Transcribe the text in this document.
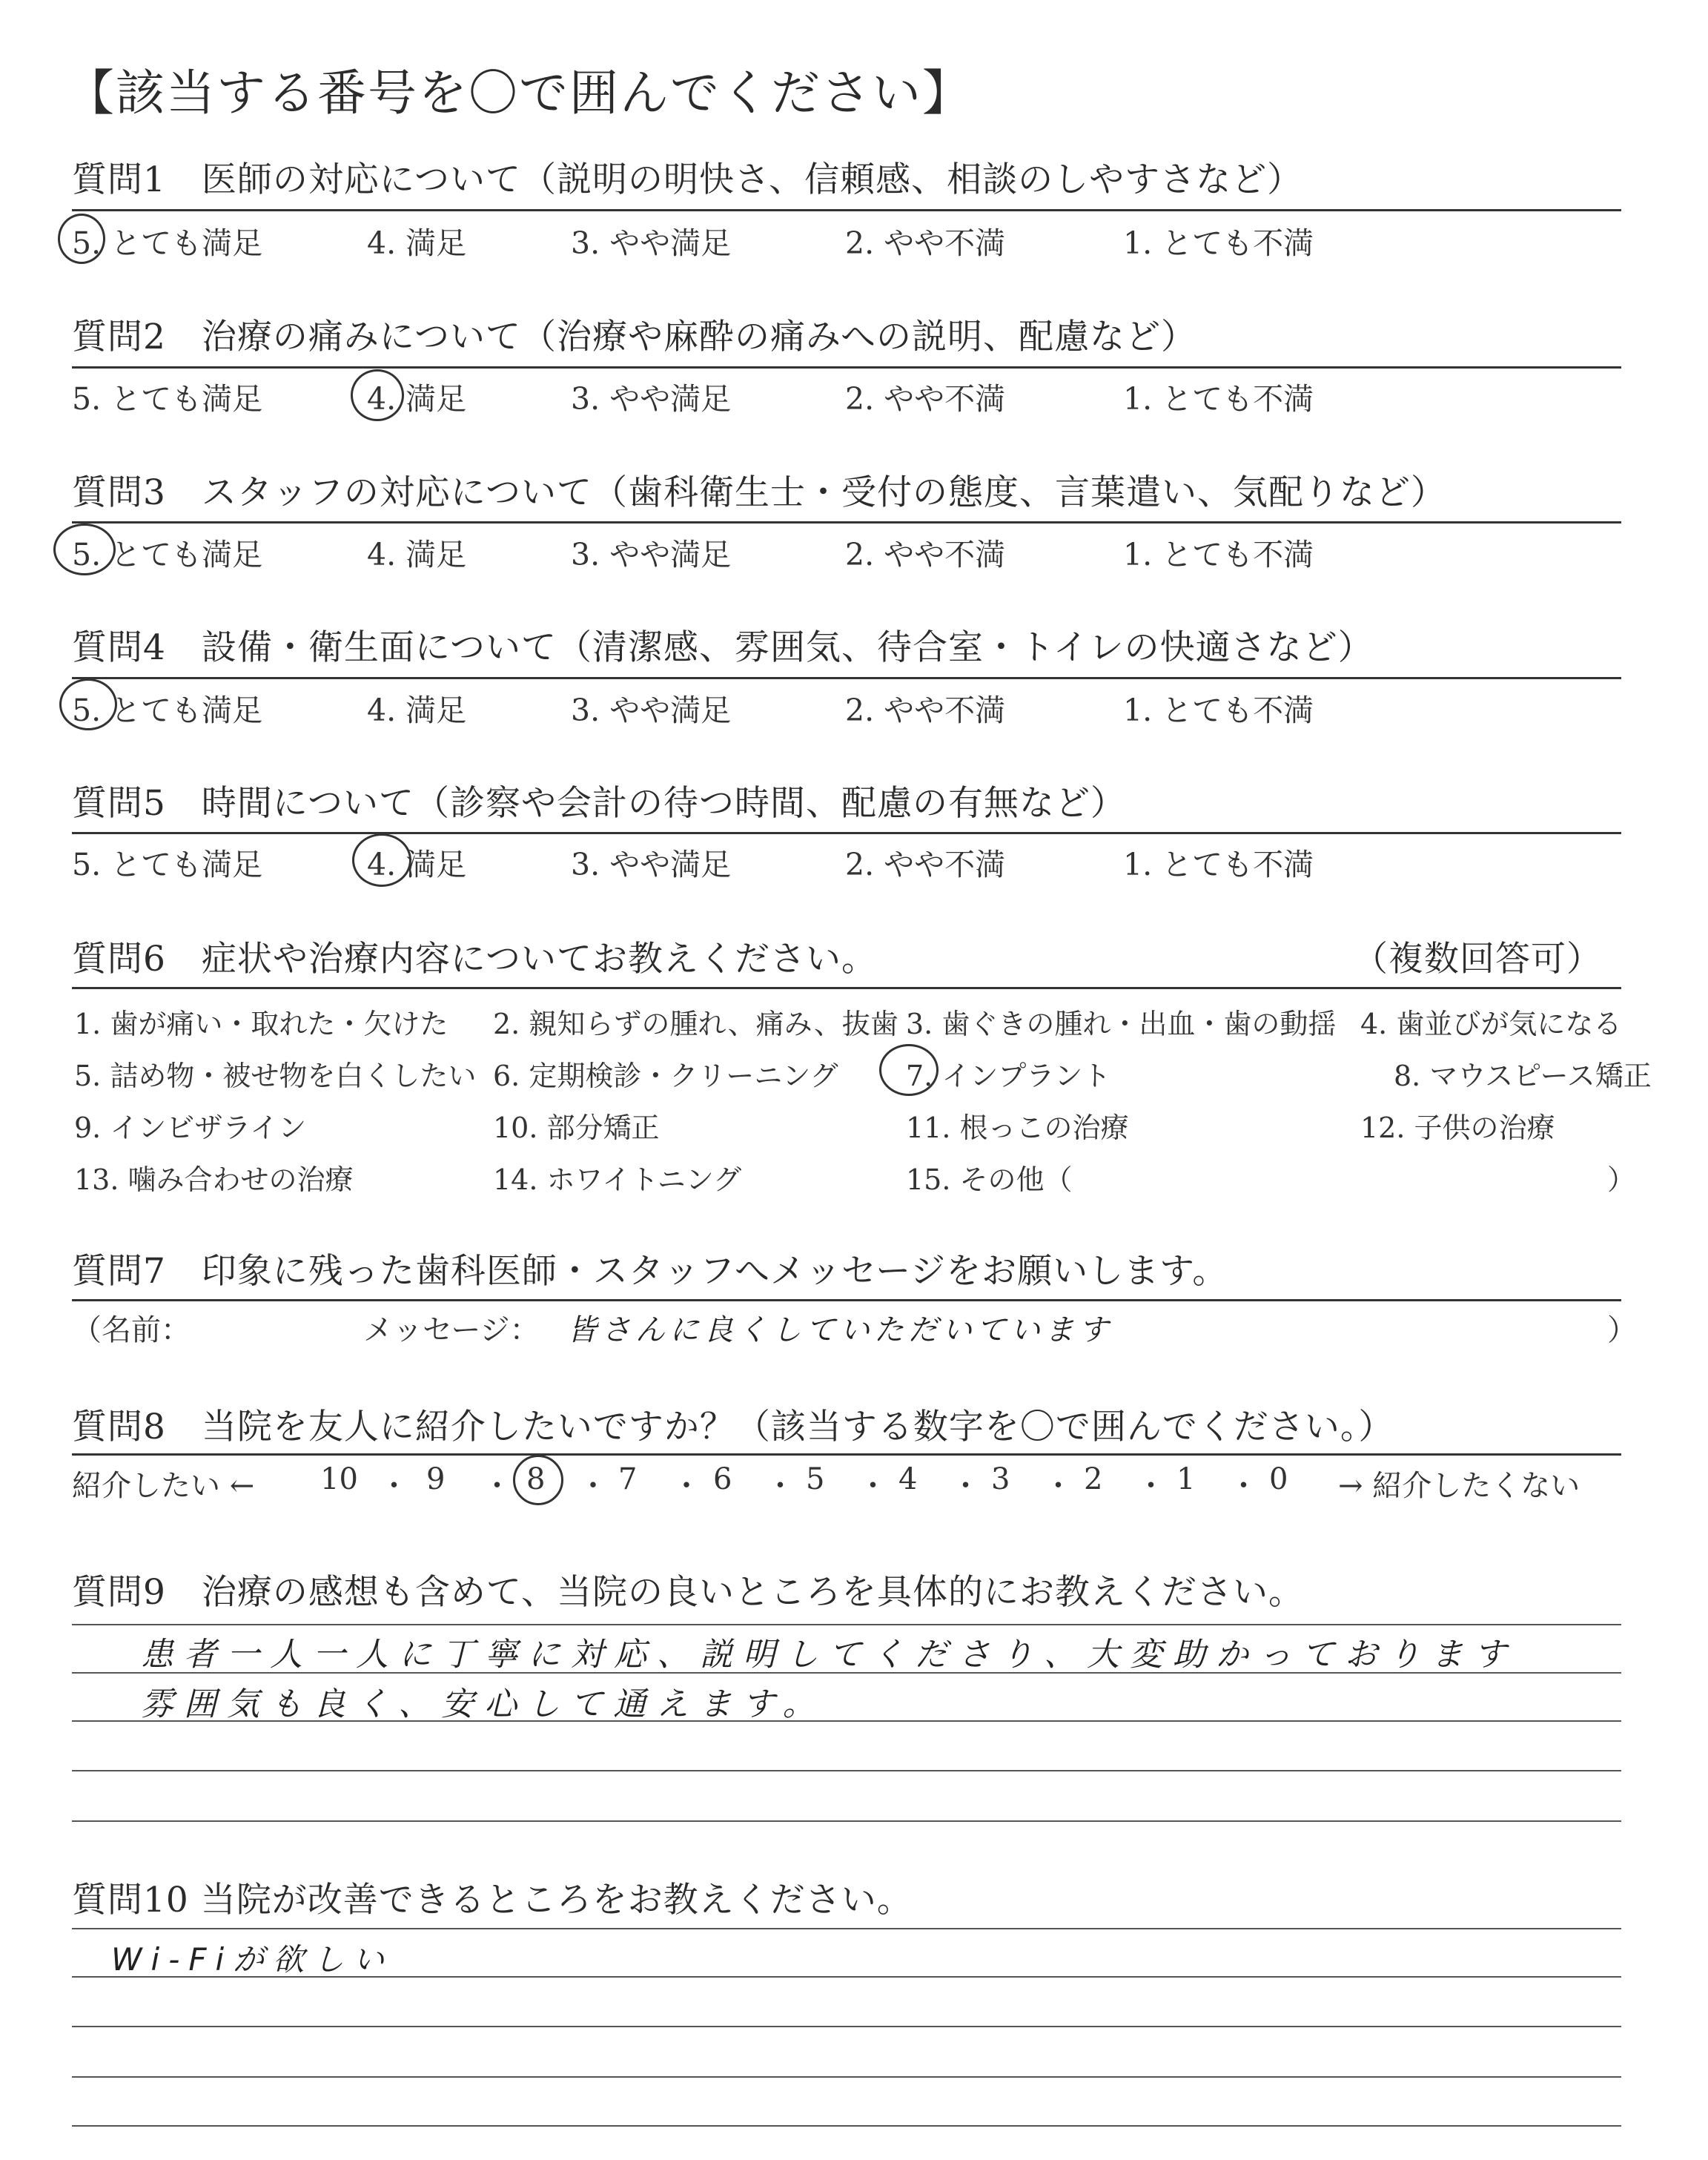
【該当する番号を〇で囲んでください】
質問1　医師の対応について（説明の明快さ、信頼感、相談のしやすさなど）
5. とても満足	4. 満足	3. やや満足	2. やや不満	1. とても不満
質問2　治療の痛みについて（治療や麻酔の痛みへの説明、配慮など）
5. とても満足	4. 満足	3. やや満足	2. やや不満	1. とても不満
質問3　スタッフの対応について（歯科衛生士・受付の態度、言葉遣い、気配りなど）
5. とても満足	4. 満足	3. やや満足	2. やや不満	1. とても不満
質問4　設備・衛生面について（清潔感、雰囲気、待合室・トイレの快適さなど）
5. とても満足	4. 満足	3. やや満足	2. やや不満	1. とても不満
質問5　時間について（診察や会計の待つ時間、配慮の有無など）
5. とても満足	4. 満足	3. やや満足	2. やや不満	1. とても不満
質問6　症状や治療内容についてお教えください。	（複数回答可）
1. 歯が痛い・取れた・欠けた 2. 親知らずの腫れ、痛み、抜歯 3. 歯ぐきの腫れ・出血・歯の動揺 4. 歯並びが気になる
5. 詰め物・被せ物を白くしたい 6. 定期検診・クリーニング 7. インプラント	8. マウスピース矯正
9. インビザライン	10. 部分矯正	11. 根っこの治療	12. 子供の治療
13. 噛み合わせの治療	14. ホワイトニング	15. その他（	）
質問7　印象に残った歯科医師・スタッフへメッセージをお願いします。
（名前：	メッセージ： 皆さんに良くしていただいています	）
質問8　当院を友人に紹介したいですか？（該当する数字を〇で囲んでください。）
紹介したい ←	→ 紹介したくない
10 ・ 9 ・ 8 ・ 7 ・ 6 ・ 5 ・ 4 ・ 3 ・ 2 ・ 1 ・ 0
質問9　治療の感想も含めて、当院の良いところを具体的にお教えください。
患者一人一人に丁寧に対応、説明してくださり、大変助かっております
雰囲気も良く、安心して通えます。
質問10 当院が改善できるところをお教えください。
Wi-Fiが欲しい
